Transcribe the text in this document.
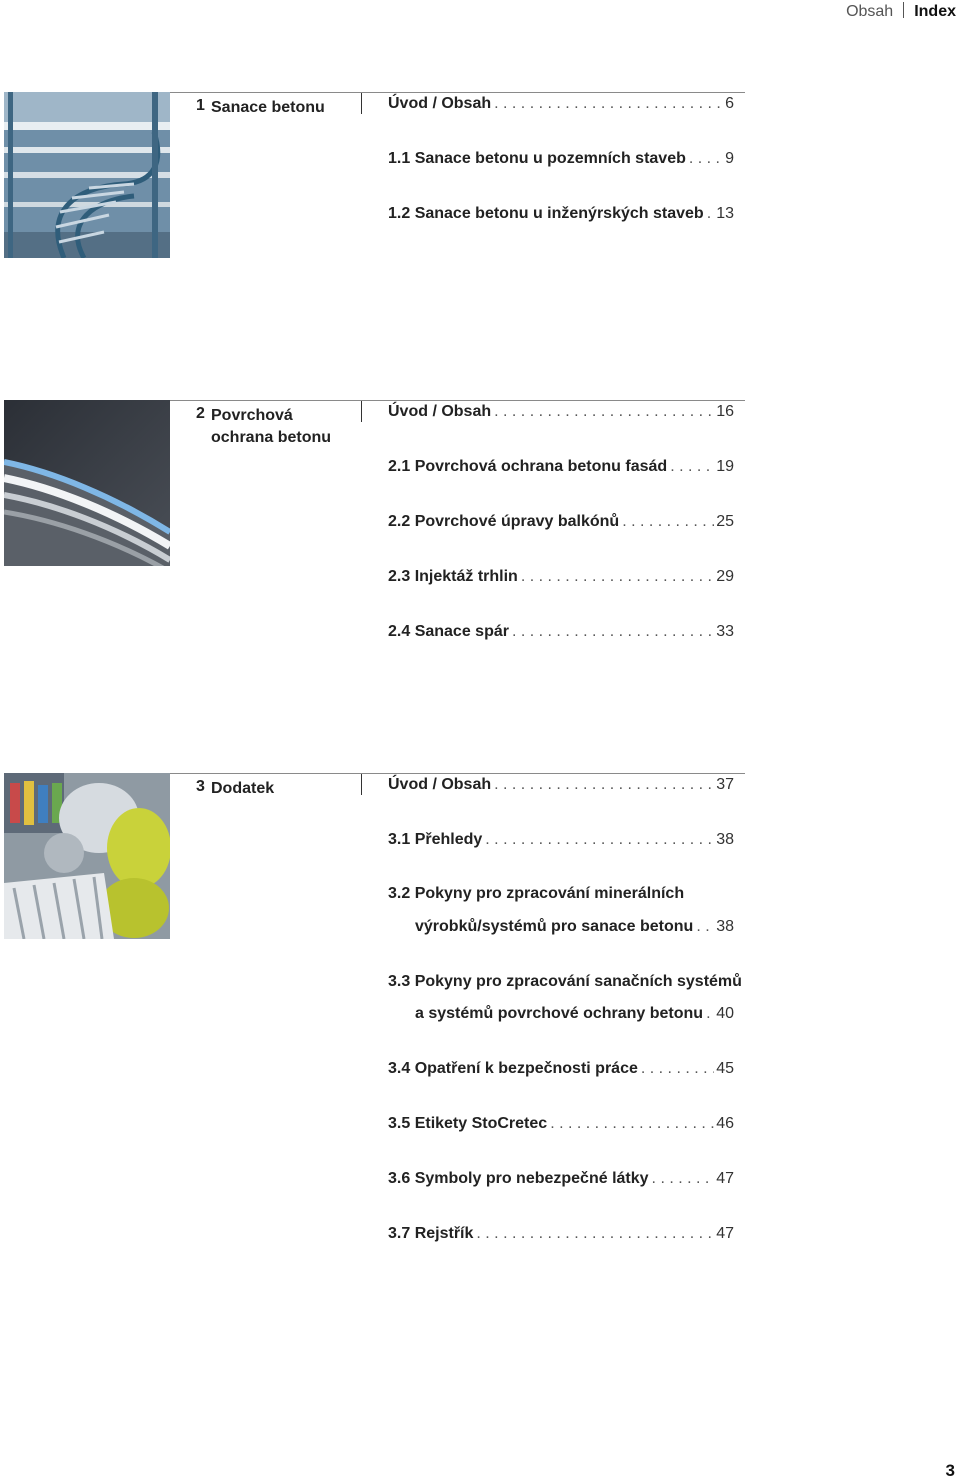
Obsah Index
1 Sanace betonu	Úvod / Obsah . . .	6
1.1 Sanace betonu u pozemních staveb . . . 9
1.2 Sanace betonu u inženýrských staveb . . . 13
2 Povrchová
ochrana betonu
Úvod / Obsah . . .	16
2.1 Povrchová ochrana betonu fasád . . .	19
2.2 Povrchové úpravy balkónů . . .	25
2.3 Injektáž trhlin . . .	29
2.4 Sanace spár . . .	33
3 Dodatek	Úvod / Obsah . . .	37
3.1 Přehledy . . .	38
3.2 Pokyny pro zpracování minerálních
výrobků/systémů pro sanace betonu . . . 38
3.3 Pokyny pro zpracování sanačních systémů
a systémů povrchové ochrany betonu . . . 40
3.4 Opatření k bezpečnosti práce . . .	45
3.5 Etikety StoCretec . . .	46
3.6 Symboly pro nebezpečné látky . . .	47
3.7 Rejstřík . . .	47
3
